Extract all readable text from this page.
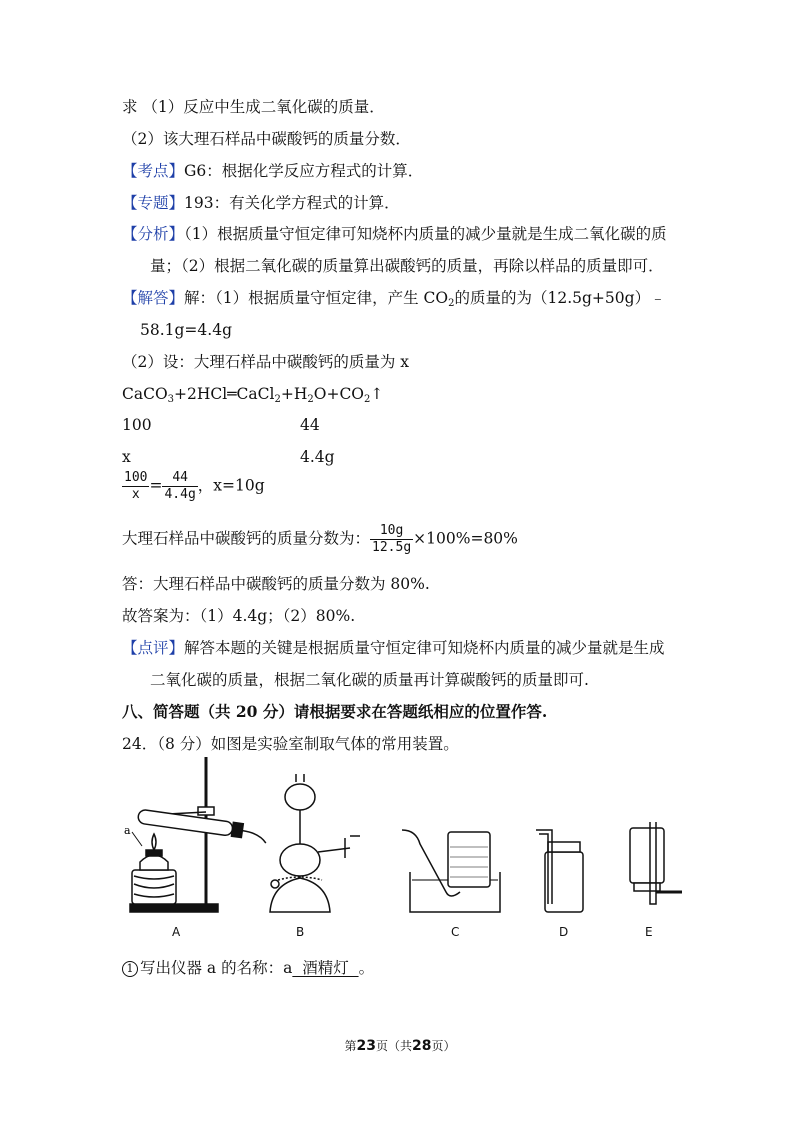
求 （1）反应中生成二氧化碳的质量．
（2）该大理石样品中碳酸钙的质量分数．
【考点】G6：根据化学反应方程式的计算．
【专题】193：有关化学方程式的计算．
【分析】（1）根据质量守恒定律可知烧杯内质量的减少量就是生成二氧化碳的质
量；（2）根据二氧化碳的质量算出碳酸钙的质量，再除以样品的质量即可．
【解答】解：（1）根据质量守恒定律，产生 $CO_2$的质量的为（12.5g+50g）﹣
58.1g=4.4g
（2）设：大理石样品中碳酸钙的质量为 x
$CaCO_3+2HCl═CaCl_2+H_2O+CO_2↑$
100	44
x	4.4g
$\frac{100}{x} = \frac{44}{4.4g}$ ，x=10g
大理石样品中碳酸钙的质量分数为： $\frac{10g}{12.5g} \times 100\%=80\%$
答：大理石样品中碳酸钙的质量分数为 80%.
故答案为：（1）4.4g；（2）80%.
【点评】解答本题的关键是根据质量守恒定律可知烧杯内质量的减少量就是生成
二氧化碳的质量，根据二氧化碳的质量再计算碳酸钙的质量即可.
八、简答题（共 20 分）请根据要求在答题纸相应的位置作答.
24．（8 分）如图是实验室制取气体的常用装置。
a
A	B	C	D	E
1 写出仪器 a 的名称：a  酒精灯  。
第23页（共28页）
